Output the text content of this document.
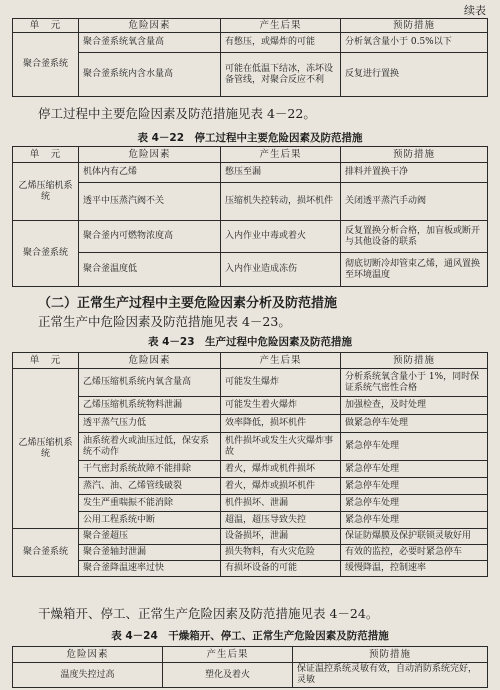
续表
单　元	危险因素	产生后果	预防措施
聚合釜系统	聚合釜系统氧含量高	有憋压，或爆炸的可能	分析氧含量小于 0.5%以下
	聚合釜系统内含水量高	可能在低温下结冰，冻坏设备管线，对聚合反应不利	反复进行置换
停工过程中主要危险因素及防范措施见表 4－22。
表 4－22　停工过程中主要危险因素及防范措施
单　元	危险因素	产生后果	预防措施
乙烯压缩机系统	机体内有乙烯	憋压至漏	排料并置换干净
	透平中压蒸汽阀不关	压缩机失控转动，损坏机件	关闭透平蒸汽手动阀
聚合釜系统	聚合釜内可燃物浓度高	入内作业中毒或着火	反复置换分析合格，加盲板或断开与其他设备的联系
	聚合釜温度低	入内作业造成冻伤	彻底切断冷却管束乙烯，通风置换至环境温度
（二）正常生产过程中主要危险因素分析及防范措施
正常生产中危险因素及防范措施见表 4－23。
表 4－23　生产过程中危险因素及防范措施
单　元	危险因素	产生后果	预防措施
乙烯压缩机系统	乙烯压缩机系统内氧含量高	可能发生爆炸	分析系统氧含量小于 1%，同时保证系统气密性合格
	乙烯压缩机系统物料泄漏	可能发生着火爆炸	加强检查，及时处理
	透平蒸气压力低	效率降低，损坏机件	做紧急停车处理
	油系统着火或油压过低，保安系统不动作	机件损坏或发生火灾爆炸事故	紧急停车处理
	干气密封系统故障不能排除	着火，爆炸或机件损坏	紧急停车处理
	蒸汽、油、乙烯管线破裂	着火，爆炸或损坏机件	紧急停车处理
	发生严重喘振不能消除	机件损坏、泄漏	紧急停车处理
	公用工程系统中断	超温，超压导致失控	紧急停车处理
聚合釜系统	聚合釜超压	设备损坏，泄漏	保证防爆膜及保护联锁灵敏好用
	聚合釜轴封泄漏	损失物料，有火灾危险	有效的监控，必要时紧急停车
	聚合釜降温速率过快	有损坏设备的可能	缓慢降温，控制速率
干燥箱开、停工、正常生产危险因素及防范措施见表 4－24。
表 4－24　干燥箱开、停工、正常生产危险因素及防范措施
危险因素	产生后果	预防措施
温度失控过高	塑化及着火	保证温控系统灵敏有效，自动消防系统完好，灵敏
